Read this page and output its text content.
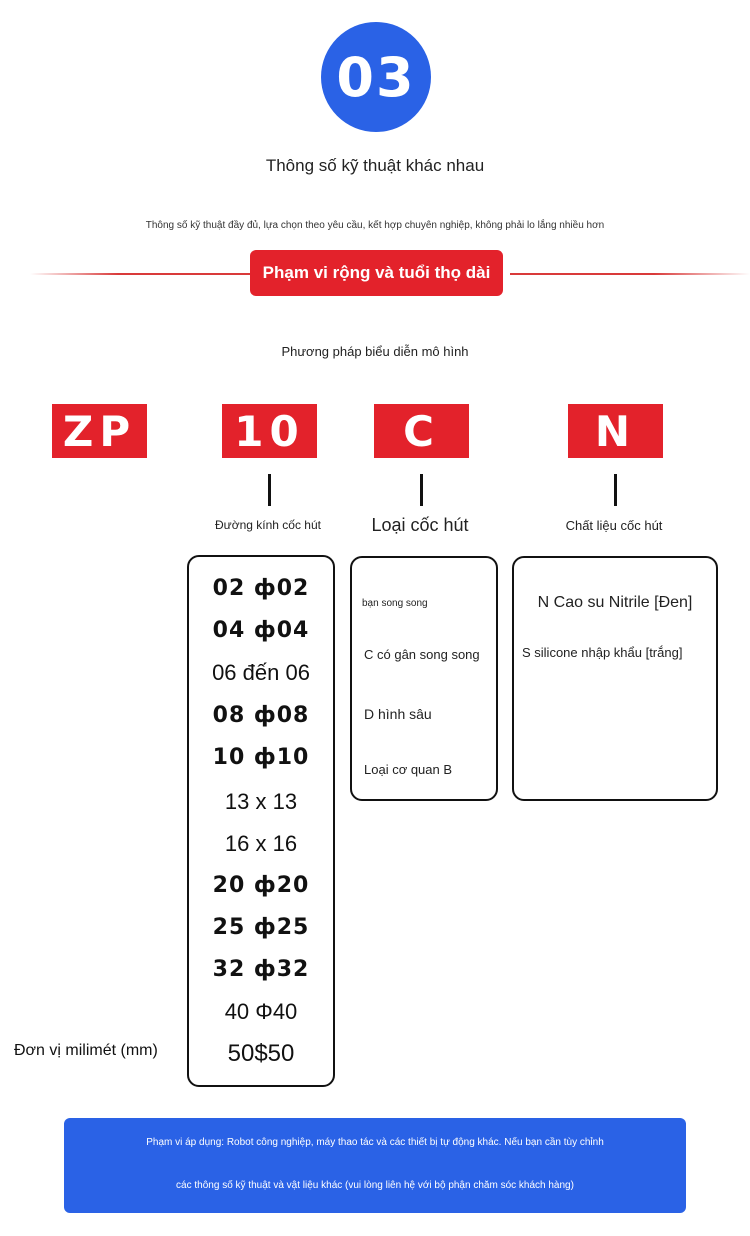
03
Thông số kỹ thuật khác nhau
Thông số kỹ thuật đầy đủ, lựa chọn theo yêu cầu, kết hợp chuyên nghiệp, không phải lo lắng nhiều hơn
Phạm vi rộng và tuổi thọ dài
Phương pháp biểu diễn mô hình
ZP 10	C	N
Đường kính cốc hút	Loại cốc hút	Chất liệu cốc hút
02 ф02
04 ф04
06 đến 06
08 ф08
10 ф10
13 x 13
16 x 16
20 ф20
25 ф25
32 ф32
40 Φ40
50$50
bạn song song
C có gân song song
D hình sâu
Loại cơ quan B
N Cao su Nitrile [Đen]
S silicone nhập khẩu [trắng]
Đơn vị milimét (mm)
Phạm vi áp dụng: Robot công nghiệp, máy thao tác và các thiết bị tự động khác. Nếu bạn cần tùy chỉnh
các thông số kỹ thuật và vật liệu khác (vui lòng liên hệ với bộ phận chăm sóc khách hàng)
